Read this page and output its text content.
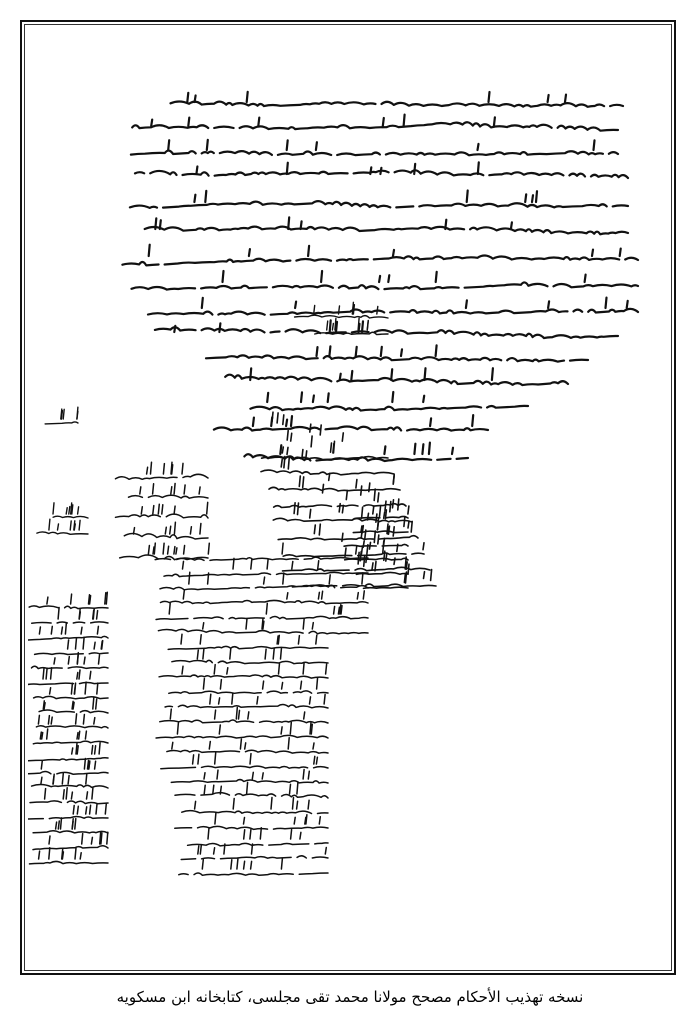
نسخه تهذیب الأحکام مصحح مولانا محمد تقی مجلسی، کتابخانه ابن مسکویه
